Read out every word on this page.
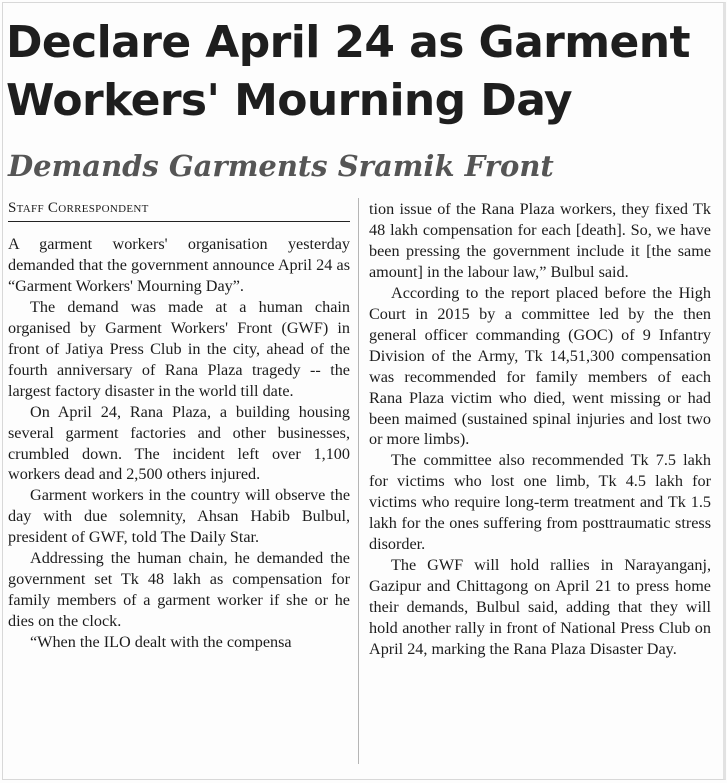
Declare April 24 as Garment
Workers' Mourning Day
Demands Garments Sramik Front
Staff Correspondent

A garment workers' organisation yesterday demanded that the government announce April 24 as “Garment Workers' Mourning Day”.

The demand was made at a human chain organised by Garment Workers' Front (GWF) in front of Jatiya Press Club in the city, ahead of the fourth anniversary of Rana Plaza tragedy -- the largest factory disaster in the world till date.

On April 24, Rana Plaza, a building housing several garment factories and other businesses, crumbled down. The incident left over 1,100 workers dead and 2,500 others injured.

Garment workers in the country will observe the day with due solemnity, Ahsan Habib Bulbul, president of GWF, told The Daily Star.

Addressing the human chain, he demanded the government set Tk 48 lakh as compensation for family members of a garment worker if she or he dies on the clock.

“When the ILO dealt with the compensa

tion issue of the Rana Plaza workers, they fixed Tk 48 lakh compensation for each [death]. So, we have been pressing the government include it [the same amount] in the labour law,” Bulbul said.

According to the report placed before the High Court in 2015 by a committee led by the then general officer commanding (GOC) of 9 Infantry Division of the Army, Tk 14,51,300 compensation was recommended for family members of each Rana Plaza victim who died, went missing or had been maimed (sustained spinal injuries and lost two or more limbs).

The committee also recommended Tk 7.5 lakh for victims who lost one limb, Tk 4.5 lakh for victims who require long-term treatment and Tk 1.5 lakh for the ones suffering from posttraumatic stress disorder.

The GWF will hold rallies in Narayanganj, Gazipur and Chittagong on April 21 to press home their demands, Bulbul said, adding that they will hold another rally in front of National Press Club on April 24, marking the Rana Plaza Disaster Day.
